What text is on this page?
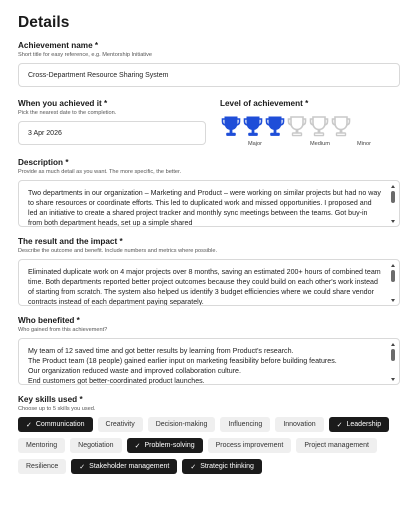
Details
Achievement name *
Short title for easy reference, e.g. Mentorship Initiative
Cross-Department Resource Sharing System
When you achieved it *
Pick the nearest date to the completion.
3 Apr 2026
Level of achievement *
Major	Medium	Minor
Description *
Provide as much detail as you want. The more specific, the better.
Two departments in our organization – Marketing and Product – were working on similar projects but had no way to share resources or coordinate efforts. This led to duplicated work and missed opportunities. I proposed and led an initiative to create a shared project tracker and monthly sync meetings between the teams. Got buy-in from both department heads, set up a simple shared
The result and the impact *
Describe the outcome and benefit. Include numbers and metrics where possible.
Eliminated duplicate work on 4 major projects over 8 months, saving an estimated 200+ hours of combined team time. Both departments reported better project outcomes because they could build on each other's work instead of starting from scratch. The system also helped us identify 3 budget efficiencies where we could share vendor contracts instead of each department paying separately.
Who benefited *
Who gained from this achievement?
My team of 12 saved time and got better results by learning from Product's research.
The Product team (18 people) gained earlier input on marketing feasibility before building features.
Our organization reduced waste and improved collaboration culture.
End customers got better-coordinated product launches.
Key skills used *
Choose up to 5 skills you used.
✓ Communication	Creativity	Decision-making	Influencing	Innovation	✓ Leadership
Mentoring	Negotiation	✓ Problem-solving	Process improvement	Project management
Resilience	✓ Stakeholder management	✓ Strategic thinking
